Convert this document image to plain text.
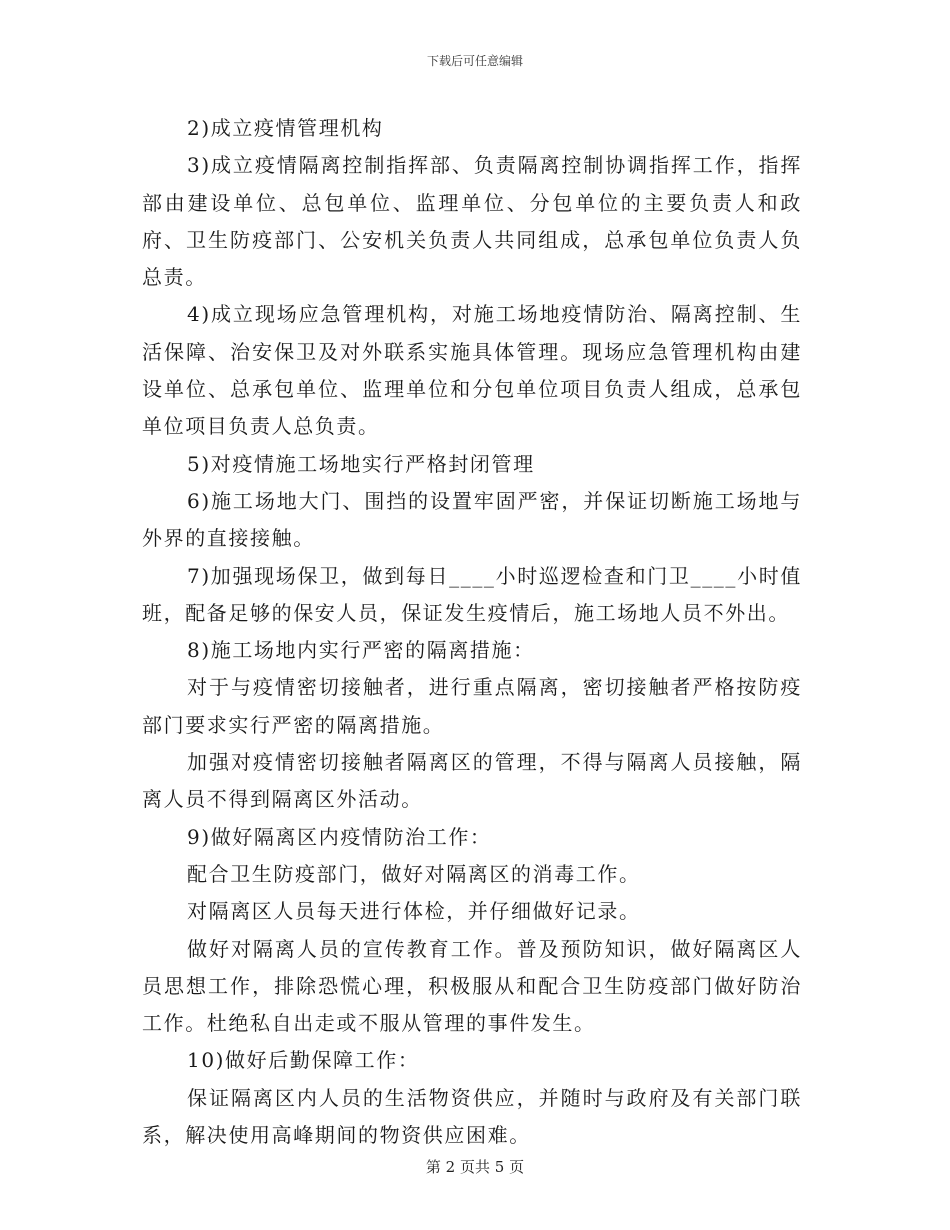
下载后可任意编辑

2)成立疫情管理机构

3)成立疫情隔离控制指挥部、负责隔离控制协调指挥工作，指挥部由建设单位、总包单位、监理单位、分包单位的主要负责人和政府、卫生防疫部门、公安机关负责人共同组成，总承包单位负责人负总责。

4)成立现场应急管理机构，对施工场地疫情防治、隔离控制、生活保障、治安保卫及对外联系实施具体管理。现场应急管理机构由建设单位、总承包单位、监理单位和分包单位项目负责人组成，总承包单位项目负责人总负责。

5)对疫情施工场地实行严格封闭管理

6)施工场地大门、围挡的设置牢固严密，并保证切断施工场地与外界的直接接触。

7)加强现场保卫，做到每日____小时巡逻检查和门卫____小时值班，配备足够的保安人员，保证发生疫情后，施工场地人员不外出。

8)施工场地内实行严密的隔离措施：

对于与疫情密切接触者，进行重点隔离，密切接触者严格按防疫部门要求实行严密的隔离措施。

加强对疫情密切接触者隔离区的管理，不得与隔离人员接触，隔离人员不得到隔离区外活动。

9)做好隔离区内疫情防治工作：

配合卫生防疫部门，做好对隔离区的消毒工作。

对隔离区人员每天进行体检，并仔细做好记录。

做好对隔离人员的宣传教育工作。普及预防知识，做好隔离区人员思想工作，排除恐慌心理，积极服从和配合卫生防疫部门做好防治工作。杜绝私自出走或不服从管理的事件发生。

10)做好后勤保障工作：

保证隔离区内人员的生活物资供应，并随时与政府及有关部门联系，解决使用高峰期间的物资供应困难。

第 2 页共 5 页
